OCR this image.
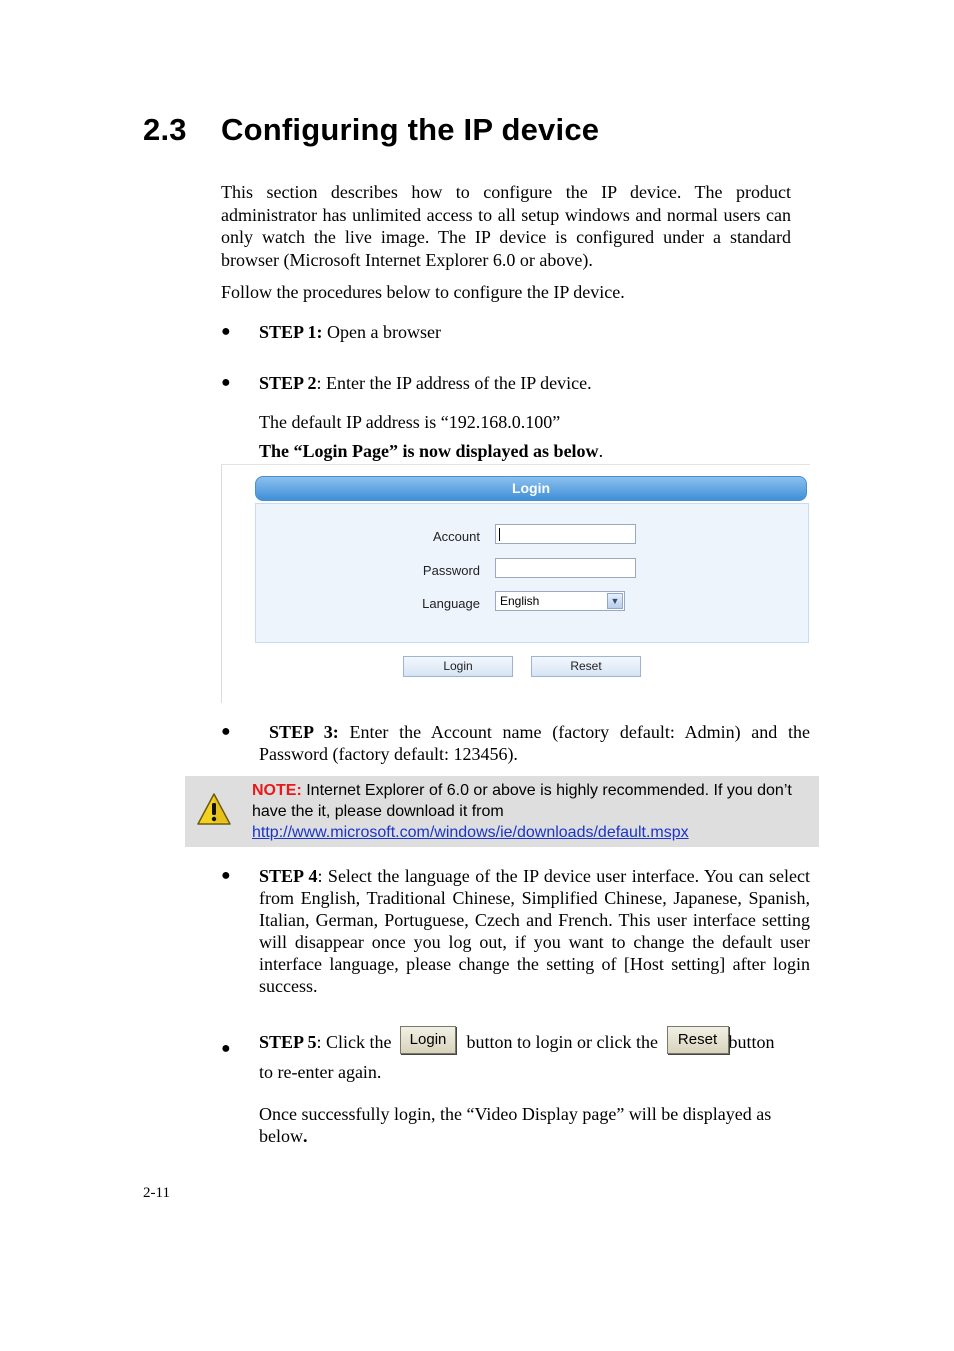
2.3 Configuring the IP device
This section describes how to configure the IP device. The product administrator has unlimited access to all setup windows and normal users can only watch the live image. The IP device is configured under a standard browser (Microsoft Internet Explorer 6.0 or above).
Follow the procedures below to configure the IP device.
● STEP 1: Open a browser
● STEP 2: Enter the IP address of the IP device.
The default IP address is “192.168.0.100”
The “Login Page” is now displayed as below.
Login
Account
Password
Language	English	▼
Login	Reset
●	STEP 3: Enter the Account name (factory default: Admin) and the Password (factory default: 123456).
NOTE: Internet Explorer of 6.0 or above is highly recommended. If you don’t have the it, please download it from
http://www.microsoft.com/windows/ie/downloads/default.mspx
● STEP 4: Select the language of the IP device user interface. You can select from English, Traditional Chinese, Simplified Chinese, Japanese, Spanish, Italian, German, Portuguese, Czech and French. This user interface setting will disappear once you log out, if you want to change the default user interface language, please change the setting of [Host setting] after login success.
● STEP 5: Click the Login button to login or click the Reset button
to re-enter again.
Once successfully login, the “Video Display page” will be displayed as below.
2-11
